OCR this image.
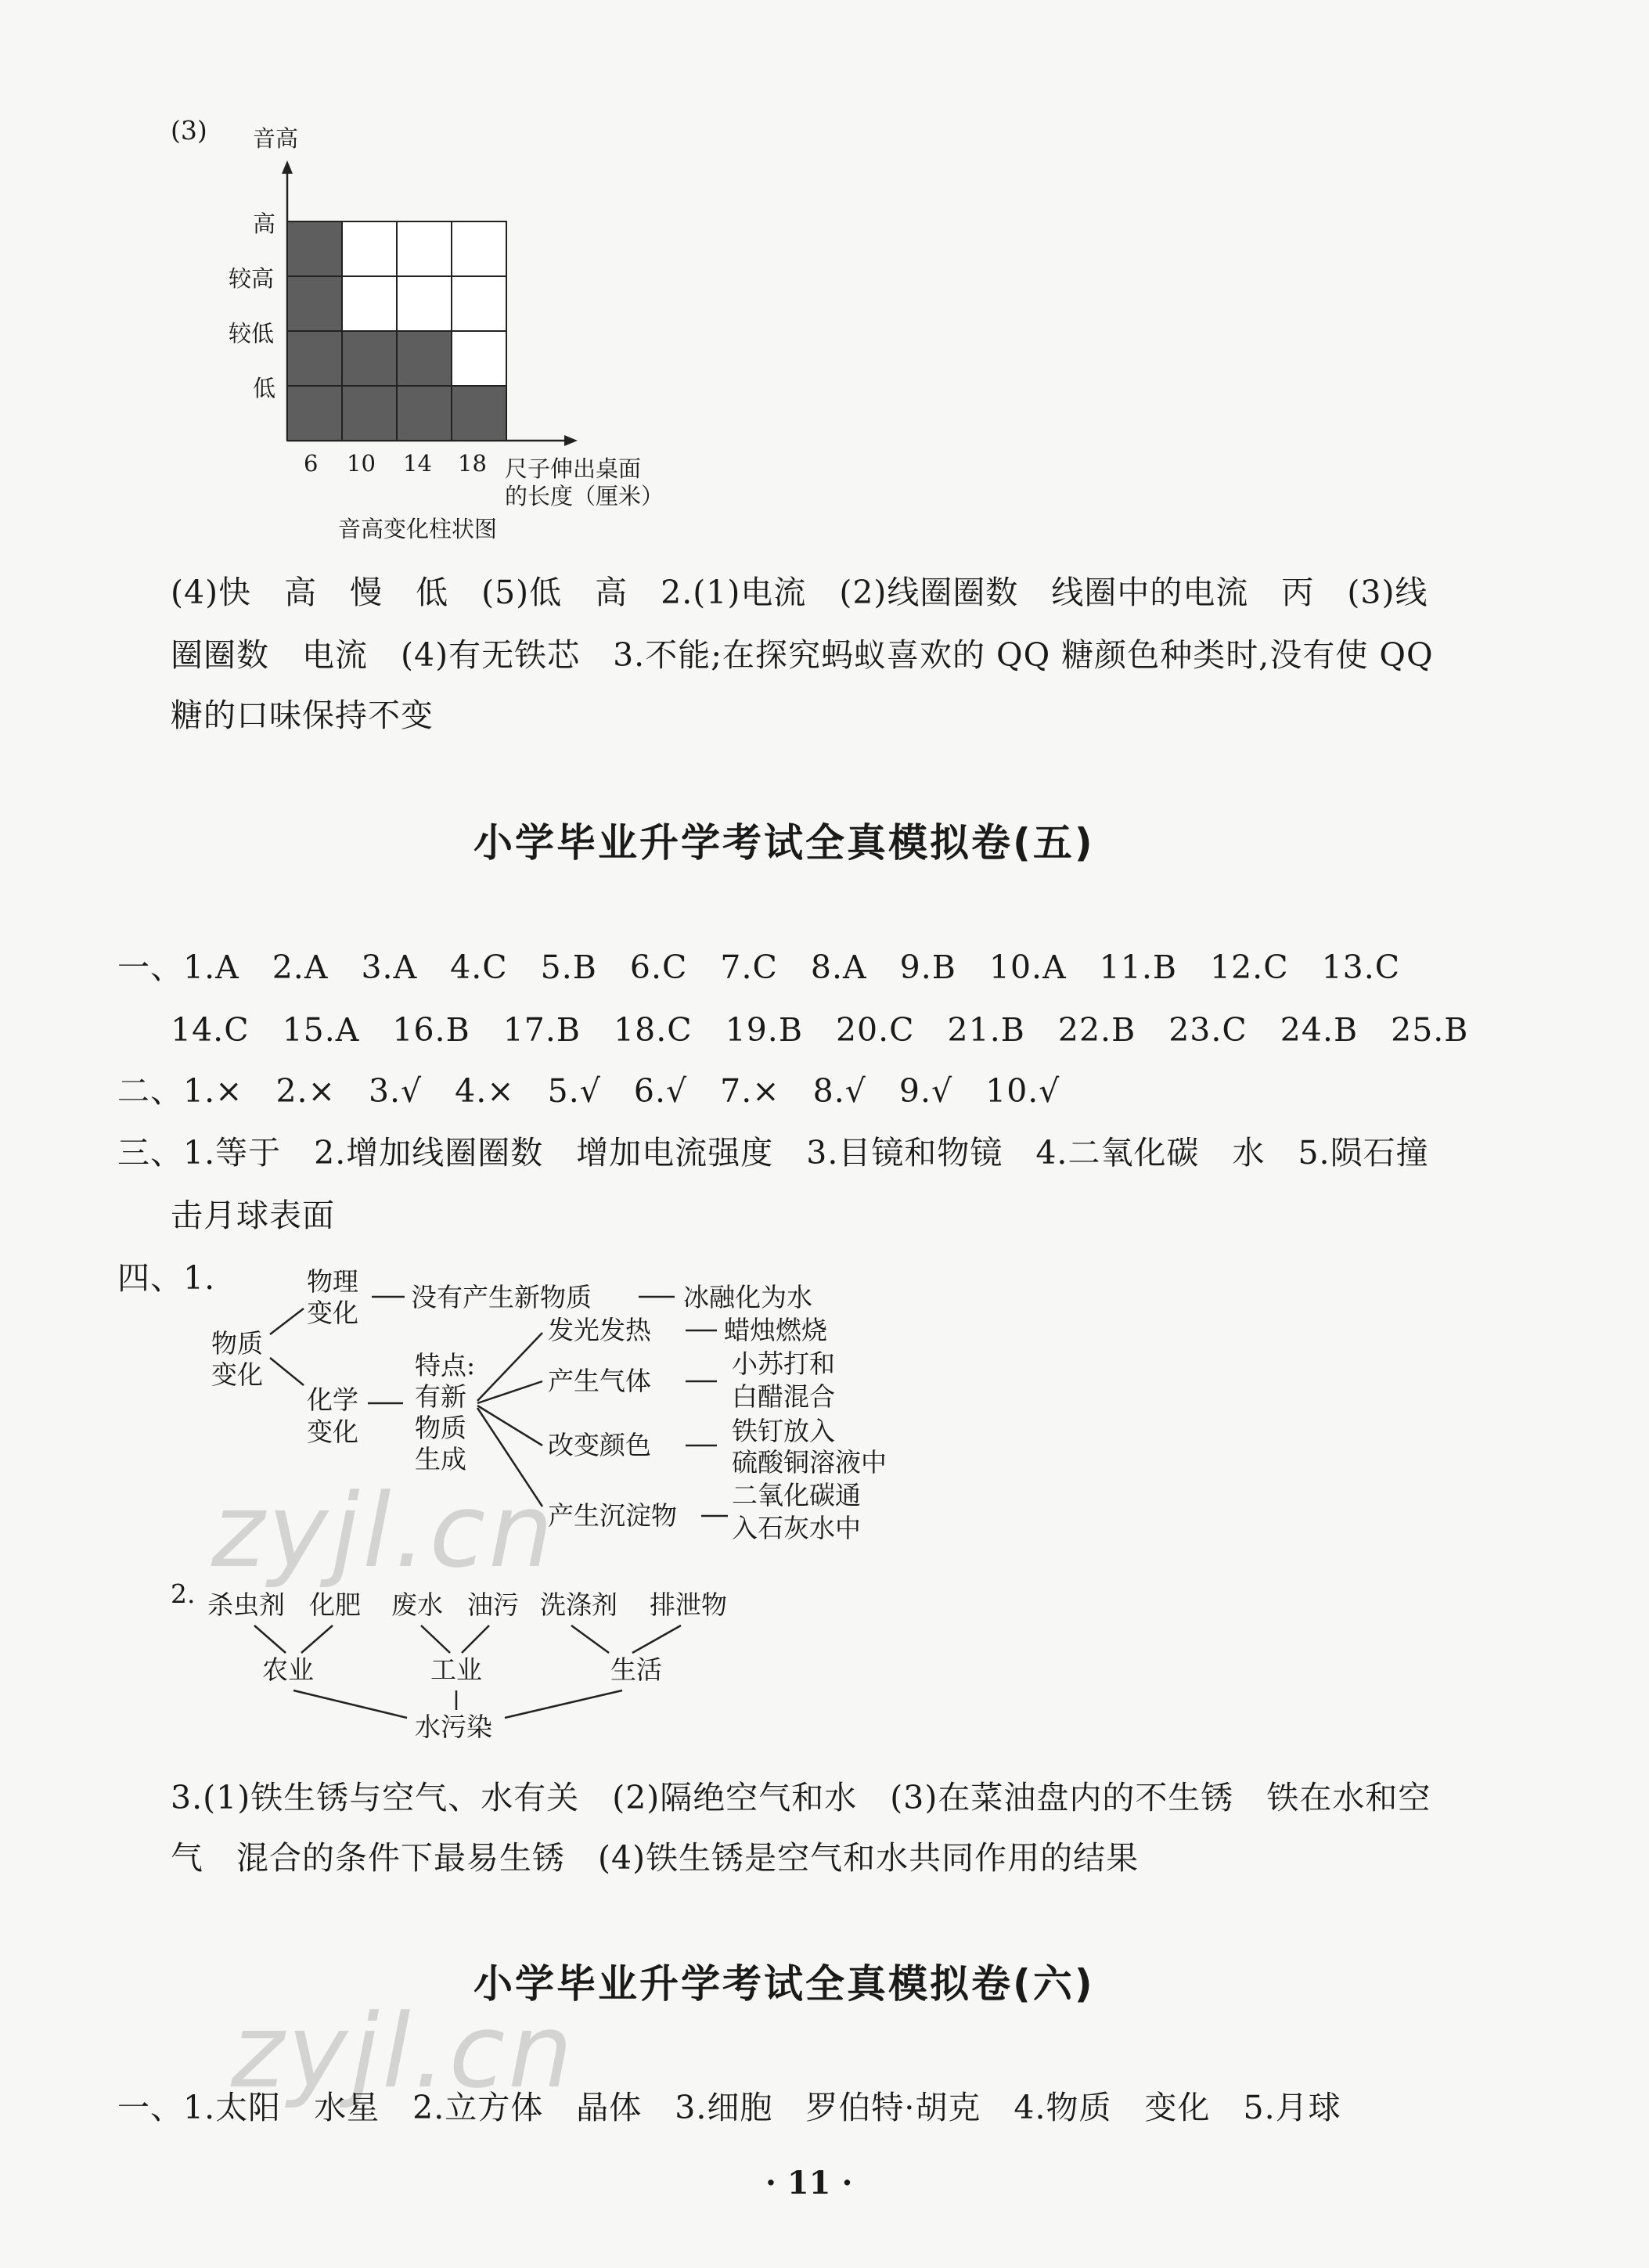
(3) 音高
高
较高
较低
低
6 10 14 18 尺子伸出桌面
的长度（厘米）
音高变化柱状图
(4)快　高　慢　低　(5)低　高　2.(1)电流　(2)线圈圈数　线圈中的电流　丙　(3)线
圈圈数　电流　(4)有无铁芯　3.不能;在探究蚂蚁喜欢的 QQ 糖颜色种类时,没有使 QQ
糖的口味保持不变
小学毕业升学考试全真模拟卷(五)
一、1.A　2.A　3.A　4.C　5.B　6.C　7.C　8.A　9.B　10.A　11.B　12.C　13.C
14.C　15.A　16.B　17.B　18.C　19.B　20.C　21.B　22.B　23.C　24.B　25.B
二、1.×　2.×　3.√　4.×　5.√　6.√　7.×　8.√　9.√　10.√
三、1.等于　2.增加线圈圈数　增加电流强度　3.目镜和物镜　4.二氧化碳　水　5.陨石撞
击月球表面
四、1.
物质
变化
物理
变化
没有产生新物质	冰融化为水
化学
变化
特点:
有新
物质
生成
发光发热	蜡烛燃烧
产生气体
小苏打和
白醋混合
改变颜色	铁钉放入
硫酸铜溶液中
产生沉淀物
二氧化碳通
入石灰水中
zyjl.cn
2. 杀虫剂 化肥 废水 油污 洗涤剂 排泄物
农业	工业	生活
水污染
3.(1)铁生锈与空气、水有关　(2)隔绝空气和水　(3)在菜油盘内的不生锈　铁在水和空
气　混合的条件下最易生锈　(4)铁生锈是空气和水共同作用的结果
小学毕业升学考试全真模拟卷(六)
zyjl.cn
一、1.太阳　水星　2.立方体　晶体　3.细胞　罗伯特·胡克　4.物质　变化　5.月球
· 11 ·
